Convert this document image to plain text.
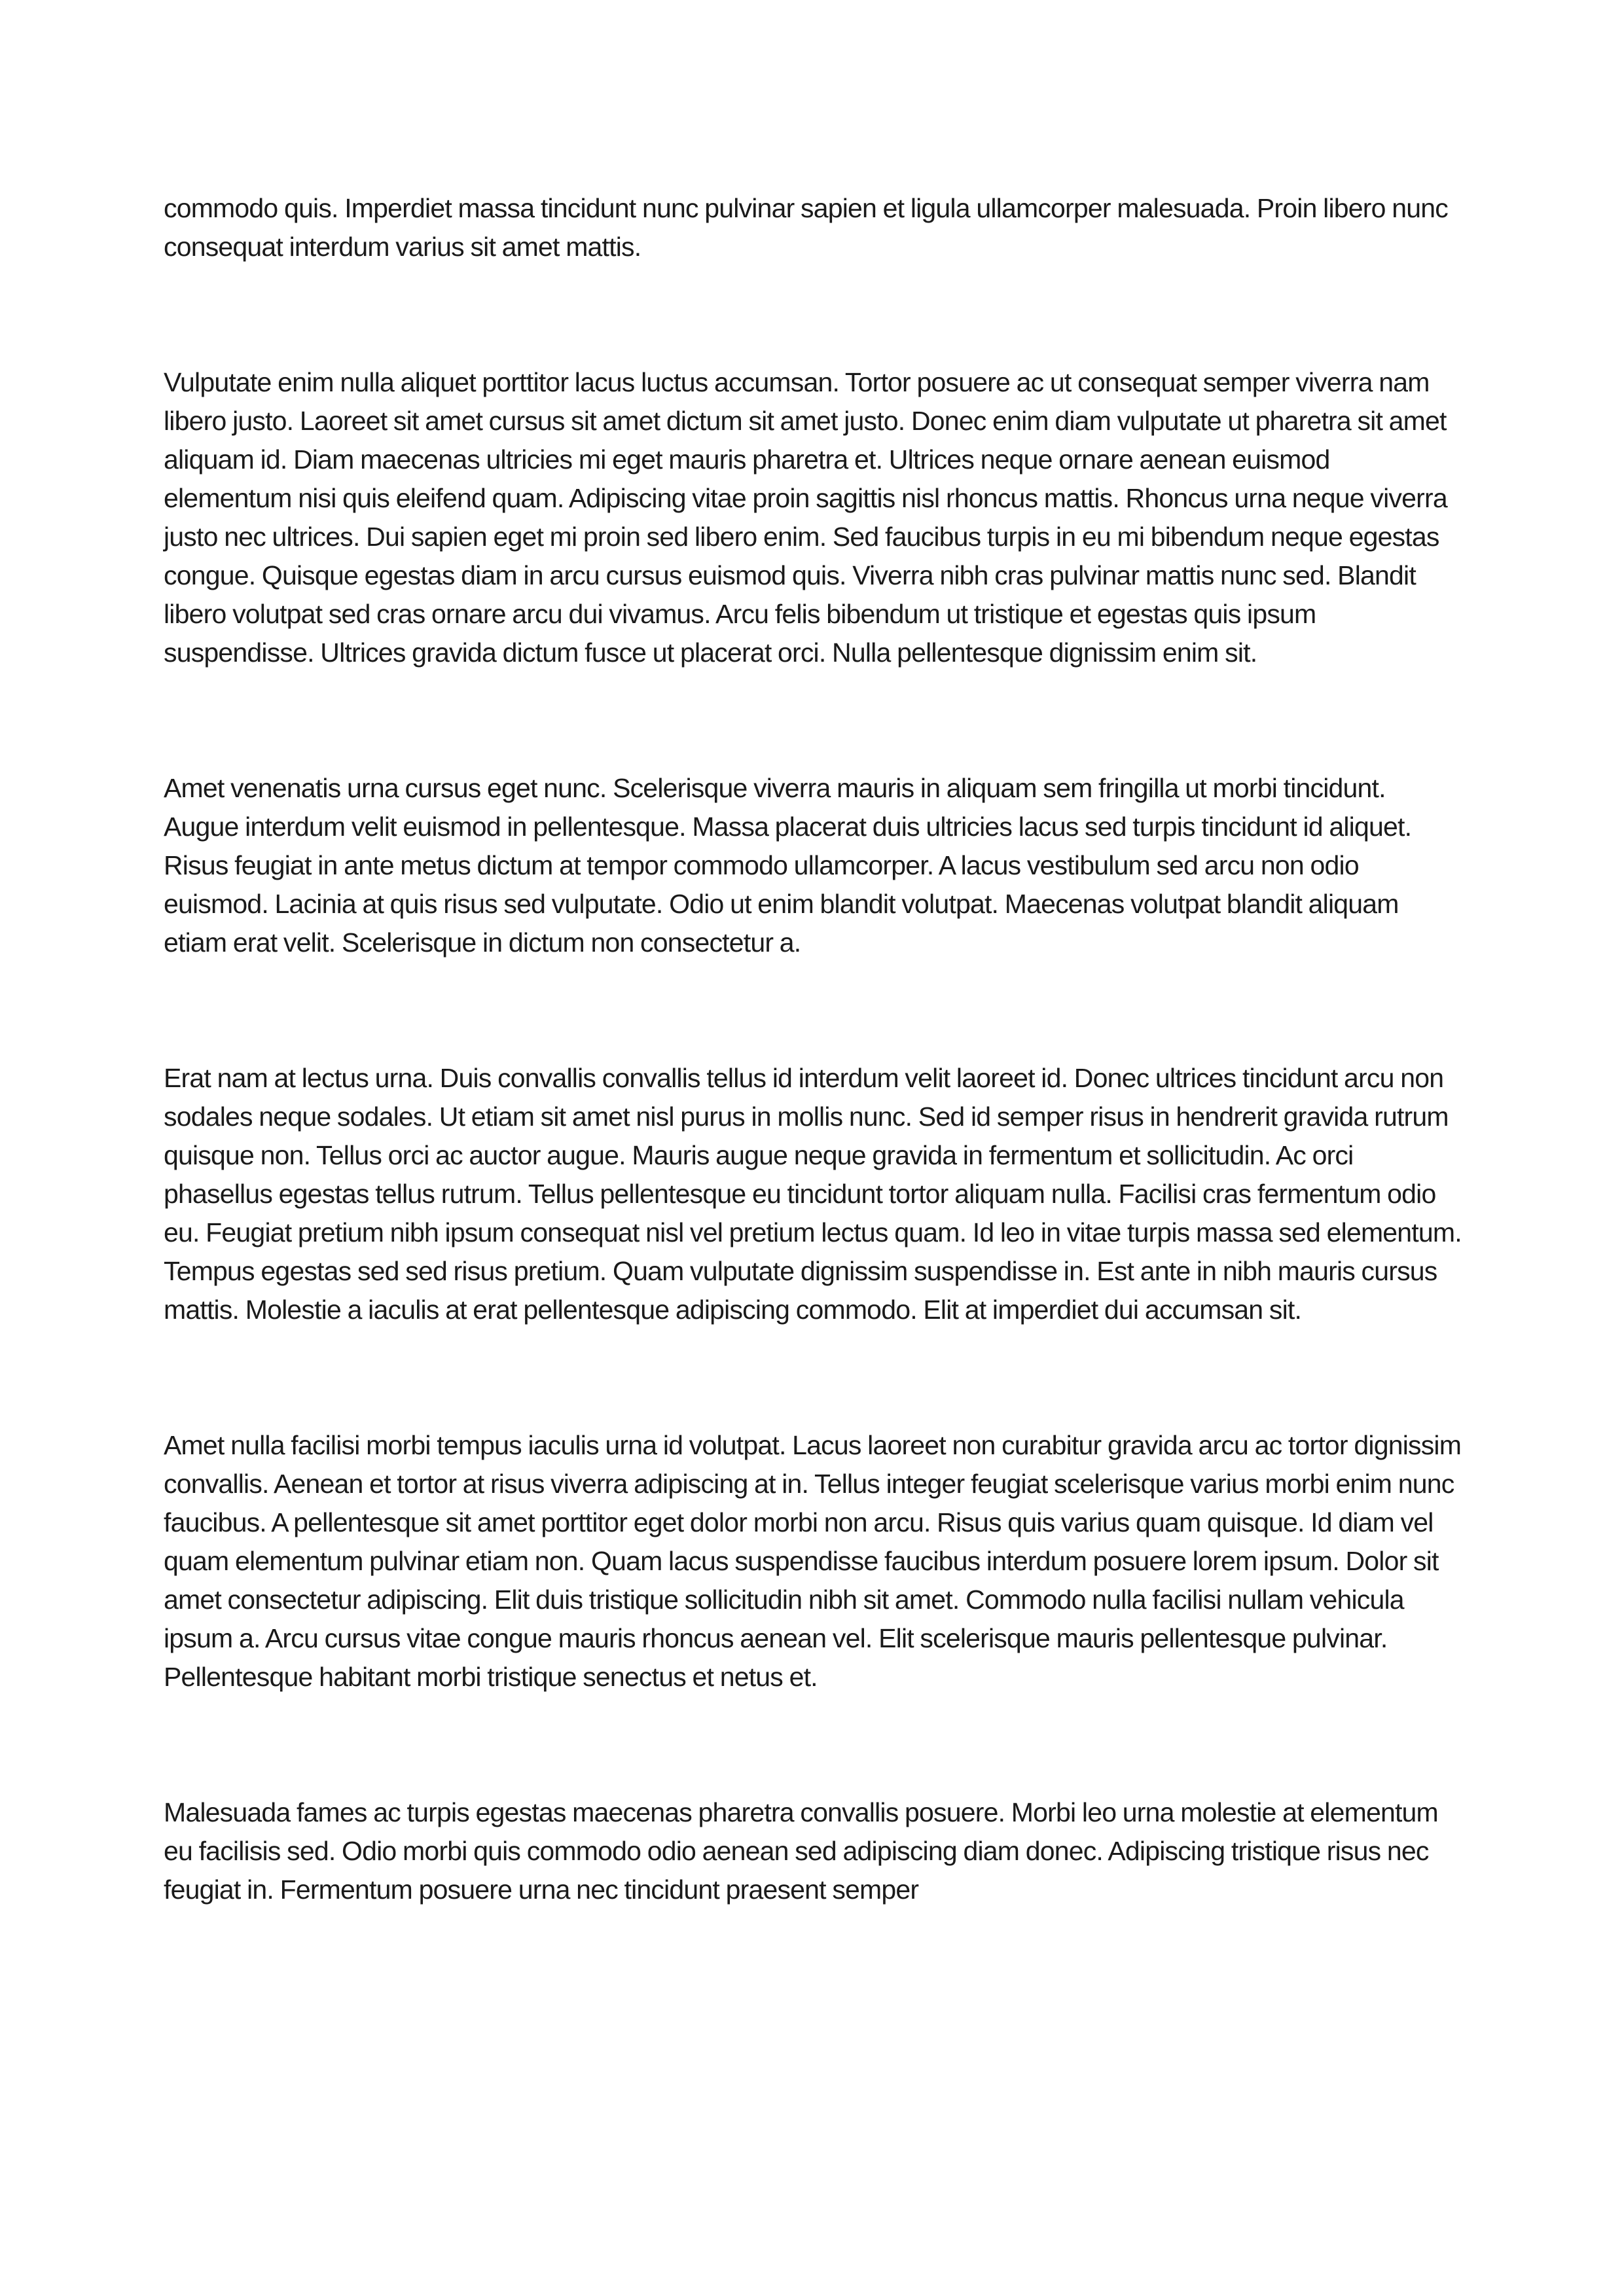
commodo quis. Imperdiet massa tincidunt nunc pulvinar sapien et ligula ullamcorper malesuada. Proin libero nunc consequat interdum varius sit amet mattis.

Vulputate enim nulla aliquet porttitor lacus luctus accumsan. Tortor posuere ac ut consequat semper viverra nam libero justo. Laoreet sit amet cursus sit amet dictum sit amet justo. Donec enim diam vulputate ut pharetra sit amet aliquam id. Diam maecenas ultricies mi eget mauris pharetra et. Ultrices neque ornare aenean euismod elementum nisi quis eleifend quam. Adipiscing vitae proin sagittis nisl rhoncus mattis. Rhoncus urna neque viverra justo nec ultrices. Dui sapien eget mi proin sed libero enim. Sed faucibus turpis in eu mi bibendum neque egestas congue. Quisque egestas diam in arcu cursus euismod quis. Viverra nibh cras pulvinar mattis nunc sed. Blandit libero volutpat sed cras ornare arcu dui vivamus. Arcu felis bibendum ut tristique et egestas quis ipsum suspendisse. Ultrices gravida dictum fusce ut placerat orci. Nulla pellentesque dignissim enim sit.

Amet venenatis urna cursus eget nunc. Scelerisque viverra mauris in aliquam sem fringilla ut morbi tincidunt. Augue interdum velit euismod in pellentesque. Massa placerat duis ultricies lacus sed turpis tincidunt id aliquet. Risus feugiat in ante metus dictum at tempor commodo ullamcorper. A lacus vestibulum sed arcu non odio euismod. Lacinia at quis risus sed vulputate. Odio ut enim blandit volutpat. Maecenas volutpat blandit aliquam etiam erat velit. Scelerisque in dictum non consectetur a.

Erat nam at lectus urna. Duis convallis convallis tellus id interdum velit laoreet id. Donec ultrices tincidunt arcu non sodales neque sodales. Ut etiam sit amet nisl purus in mollis nunc. Sed id semper risus in hendrerit gravida rutrum quisque non. Tellus orci ac auctor augue. Mauris augue neque gravida in fermentum et sollicitudin. Ac orci phasellus egestas tellus rutrum. Tellus pellentesque eu tincidunt tortor aliquam nulla. Facilisi cras fermentum odio eu. Feugiat pretium nibh ipsum consequat nisl vel pretium lectus quam. Id leo in vitae turpis massa sed elementum. Tempus egestas sed sed risus pretium. Quam vulputate dignissim suspendisse in. Est ante in nibh mauris cursus mattis. Molestie a iaculis at erat pellentesque adipiscing commodo. Elit at imperdiet dui accumsan sit.

Amet nulla facilisi morbi tempus iaculis urna id volutpat. Lacus laoreet non curabitur gravida arcu ac tortor dignissim convallis. Aenean et tortor at risus viverra adipiscing at in. Tellus integer feugiat scelerisque varius morbi enim nunc faucibus. A pellentesque sit amet porttitor eget dolor morbi non arcu. Risus quis varius quam quisque. Id diam vel quam elementum pulvinar etiam non. Quam lacus suspendisse faucibus interdum posuere lorem ipsum. Dolor sit amet consectetur adipiscing. Elit duis tristique sollicitudin nibh sit amet. Commodo nulla facilisi nullam vehicula ipsum a. Arcu cursus vitae congue mauris rhoncus aenean vel. Elit scelerisque mauris pellentesque pulvinar. Pellentesque habitant morbi tristique senectus et netus et.

Malesuada fames ac turpis egestas maecenas pharetra convallis posuere. Morbi leo urna molestie at elementum eu facilisis sed. Odio morbi quis commodo odio aenean sed adipiscing diam donec. Adipiscing tristique risus nec feugiat in. Fermentum posuere urna nec tincidunt praesent semper
